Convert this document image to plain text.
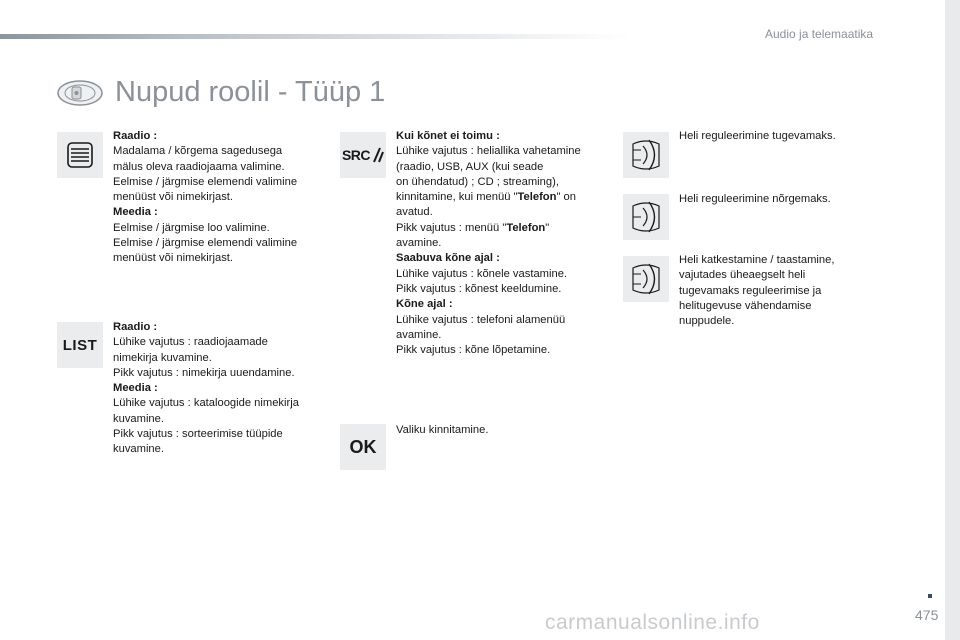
Audio ja telemaatika
Nupud roolil - Tüüp 1
Raadio :
Madalama / kõrgema sagedusega
mälus oleva raadiojaama valimine.
Eelmise / järgmise elemendi valimine
menüüst või nimekirjast.
Meedia :
Eelmise / järgmise loo valimine.
Eelmise / järgmise elemendi valimine
menüüst või nimekirjast.
LIST
Raadio :
Lühike vajutus : raadiojaamade
nimekirja kuvamine.
Pikk vajutus : nimekirja uuendamine.
Meedia :
Lühike vajutus : kataloogide nimekirja
kuvamine.
Pikk vajutus : sorteerimise tüüpide
kuvamine.
SRC
Kui kõnet ei toimu :
Lühike vajutus : heliallika vahetamine
(raadio, USB, AUX (kui seade
on ühendatud) ; CD ; streaming),
kinnitamine, kui menüü "Telefon" on
avatud.
Pikk vajutus : menüü "Telefon"
avamine.
Saabuva kõne ajal :
Lühike vajutus : kõnele vastamine.
Pikk vajutus : kõnest keeldumine.
Kõne ajal :
Lühike vajutus : telefoni alamenüü
avamine.
Pikk vajutus : kõne lõpetamine.
OK
Valiku kinnitamine.
Heli reguleerimine tugevamaks.
Heli reguleerimine nõrgemaks.
Heli katkestamine / taastamine,
vajutades üheaegselt heli
tugevamaks reguleerimise ja
helitugevuse vähendamise
nuppudele.
carmanualsonline.info	475
